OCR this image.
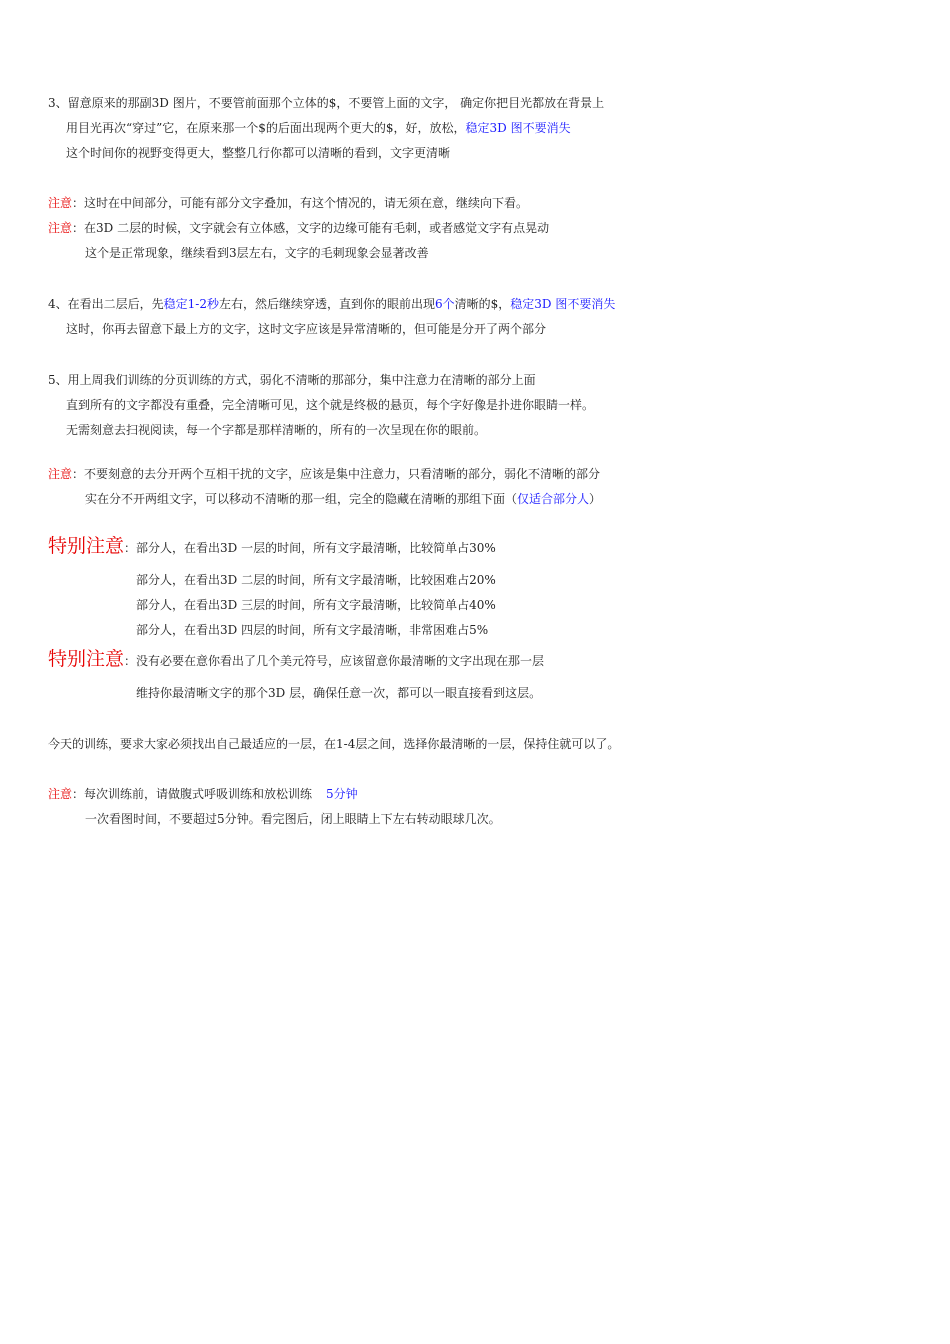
3、留意原来的那副3D 图片，不要管前面那个立体的$，不要管上面的文字， 确定你把目光都放在背景上
用目光再次“穿过”它，在原来那一个$的后面出现两个更大的$，好，放松，稳定3D 图不要消失
这个时间你的视野变得更大，整整几行你都可以清晰的看到，文字更清晰
注意：这时在中间部分，可能有部分文字叠加，有这个情况的，请无须在意，继续向下看。
注意：在3D 二层的时候，文字就会有立体感，文字的边缘可能有毛刺，或者感觉文字有点晃动
这个是正常现象，继续看到3层左右，文字的毛刺现象会显著改善
4、在看出二层后，先稳定1-2秒左右，然后继续穿透，直到你的眼前出现6个清晰的$，稳定3D 图不要消失
这时，你再去留意下最上方的文字，这时文字应该是异常清晰的，但可能是分开了两个部分
5、用上周我们训练的分页训练的方式，弱化不清晰的那部分，集中注意力在清晰的部分上面
直到所有的文字都没有重叠，完全清晰可见，这个就是终极的悬页，每个字好像是扑进你眼睛一样。
无需刻意去扫视阅读，每一个字都是那样清晰的，所有的一次呈现在你的眼前。
注意：不要刻意的去分开两个互相干扰的文字，应该是集中注意力，只看清晰的部分，弱化不清晰的部分
实在分不开两组文字，可以移动不清晰的那一组，完全的隐藏在清晰的那组下面（仅适合部分人）
特别注意：部分人，在看出3D 一层的时间，所有文字最清晰，比较简单占30%
部分人，在看出3D 二层的时间，所有文字最清晰，比较困难占20%
部分人，在看出3D 三层的时间，所有文字最清晰，比较简单占40%
部分人，在看出3D 四层的时间，所有文字最清晰，非常困难占5%
特别注意：没有必要在意你看出了几个美元符号，应该留意你最清晰的文字出现在那一层
维持你最清晰文字的那个3D 层，确保任意一次，都可以一眼直接看到这层。
今天的训练，要求大家必须找出自己最适应的一层，在1-4层之间，选择你最清晰的一层，保持住就可以了。
注意：每次训练前，请做腹式呼吸训练和放松训练 5分钟
一次看图时间，不要超过5分钟。看完图后，闭上眼睛上下左右转动眼球几次。
